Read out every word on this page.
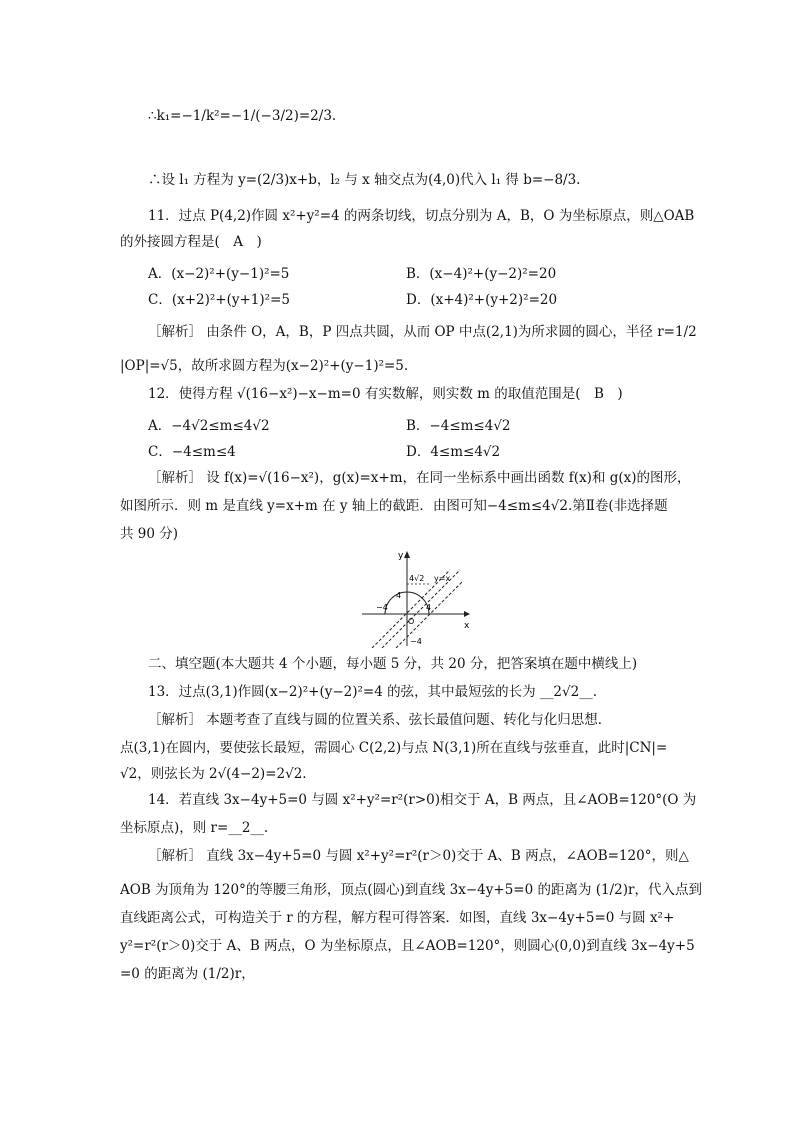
∴k₁=−1/k²=−1/(−3/2)=2/3.
∴设 l₁ 方程为 y=(2/3)x+b，l₂ 与 x 轴交点为(4,0)代入 l₁ 得 b=−8/3.
11．过点 P(4,2)作圆 x²+y²=4 的两条切线，切点分别为 A，B，O 为坐标原点，则△OAB
的外接圆方程是(　A　)
A．(x−2)²+(y−1)²=5	B．(x−4)²+(y−2)²=20
C．(x+2)²+(y+1)²=5	D．(x+4)²+(y+2)²=20
［解析］ 由条件 O，A，B，P 四点共圆，从而 OP 中点(2,1)为所求圆的圆心，半径 r=1/2
|OP|=√5，故所求圆方程为(x−2)²+(y−1)²=5.
12．使得方程 √(16−x²)−x−m=0 有实数解，则实数 m 的取值范围是(　B　)
A．−4√2≤m≤4√2	B．−4≤m≤4√2
C．−4≤m≤4	D．4≤m≤4√2
［解析］ 设 f(x)=√(16−x²)，g(x)=x+m，在同一坐标系中画出函数 f(x)和 g(x)的图形，
如图所示．则 m 是直线 y=x+m 在 y 轴上的截距．由图可知−4≤m≤4√2.第Ⅱ卷(非选择题
共 90 分)
y
x
4√2 y=x
4
−4
O
4
−4
二、填空题(本大题共 4 个小题，每小题 5 分，共 20 分，把答案填在题中横线上)
13．过点(3,1)作圆(x−2)²+(y−2)²=4 的弦，其中最短弦的长为 __2√2__.
［解析］ 本题考查了直线与圆的位置关系、弦长最值问题、转化与化归思想．
点(3,1)在圆内，要使弦长最短，需圆心 C(2,2)与点 N(3,1)所在直线与弦垂直，此时|CN|=
√2，则弦长为 2√(4−2)=2√2.
14．若直线 3x−4y+5=0 与圆 x²+y²=r²(r>0)相交于 A，B 两点，且∠AOB=120°(O 为
坐标原点)，则 r=__2__.
［解析］ 直线 3x−4y+5=0 与圆 x²+y²=r²(r＞0)交于 A、B 两点，∠AOB=120°，则△
AOB 为顶角为 120°的等腰三角形，顶点(圆心)到直线 3x−4y+5=0 的距离为 (1/2)r，代入点到
直线距离公式，可构造关于 r 的方程，解方程可得答案．如图，直线 3x−4y+5=0 与圆 x²+
y²=r²(r＞0)交于 A、B 两点，O 为坐标原点，且∠AOB=120°，则圆心(0,0)到直线 3x−4y+5
=0 的距离为 (1/2)r，
